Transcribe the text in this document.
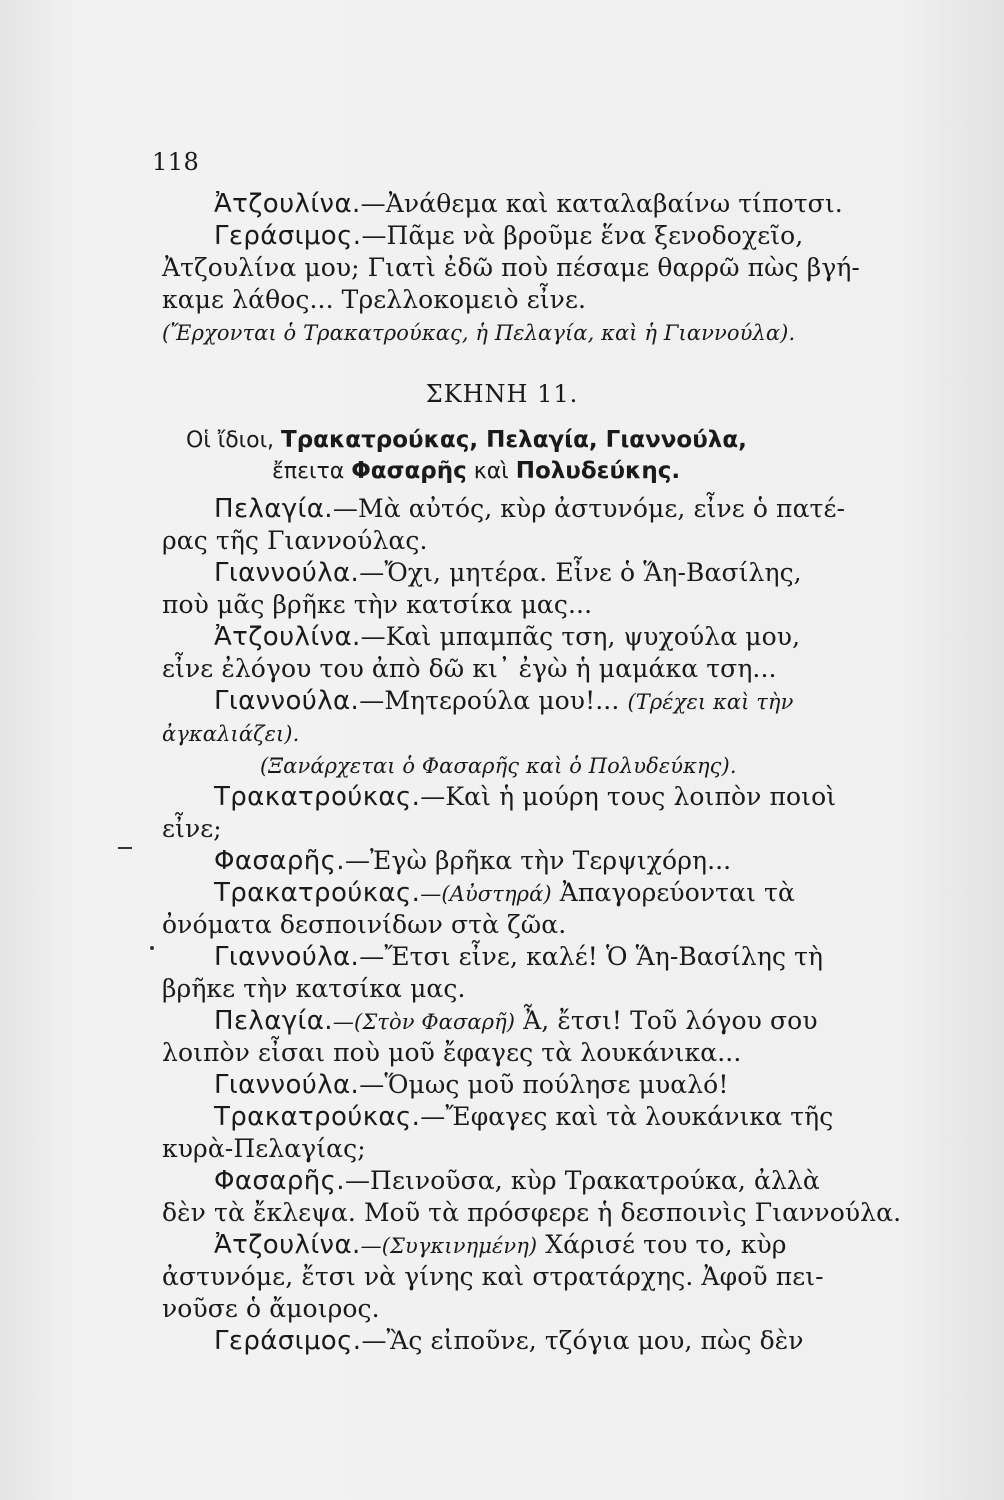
118
Ἀτζουλίνα.—Ἀνάθεμα καὶ καταλαβαίνω τίποτσι.
Γεράσιμος.—Πᾶμε νὰ βροῦμε ἕνα ξενοδοχεῖο,
Ἀτζουλίνα μου; Γιατὶ ἐδῶ ποὺ πέσαμε θαρρῶ πὼς βγή-
καμε λάθος... Τρελλοκομειὸ εἶνε.
(Ἔρχονται ὁ Τρακατρούκας, ἡ Πελαγία, καὶ ἡ Γιαννούλα).
ΣΚΗΝΗ 11.
Οἱ ἴδιοι, Τρακατρούκας, Πελαγία, Γιαννούλα,
ἔπειτα Φασαρῆς καὶ Πολυδεύκης.
Πελαγία.—Μὰ αὐτός, κὺρ ἀστυνόμε, εἶνε ὁ πατέ-
ρας τῆς Γιαννούλας.
Γιαννούλα.—Ὄχι, μητέρα. Εἶνε ὁ Ἅη-Βασίλης,
ποὺ μᾶς βρῆκε τὴν κατσίκα μας...
Ἀτζουλίνα.—Καὶ μπαμπᾶς τση, ψυχούλα μου,
εἶνε ἐλόγου του ἀπὸ δῶ κι᾽ ἐγὼ ἡ μαμάκα τση...
Γιαννούλα.—Μητερούλα μου!... (Τρέχει καὶ τὴν
ἀγκαλιάζει).
(Ξανάρχεται ὁ Φασαρῆς καὶ ὁ Πολυδεύκης).
Τρακατρούκας.—Καὶ ἡ μούρη τους λοιπὸν ποιοὶ
εἶνε;
Φασαρῆς.—Ἐγὼ βρῆκα τὴν Τερψιχόρη...
Τρακατρούκας.—(Αὐστηρά) Ἀπαγορεύονται τὰ
ὀνόματα δεσποινίδων στὰ ζῶα.
Γιαννούλα.—Ἔτσι εἶνε, καλέ! Ὁ Ἅη-Βασίλης τὴ
βρῆκε τὴν κατσίκα μας.
Πελαγία.—(Στὸν Φασαρῆ) Ἆ, ἔτσι! Τοῦ λόγου σου
λοιπὸν εἶσαι ποὺ μοῦ ἔφαγες τὰ λουκάνικα...
Γιαννούλα.—Ὅμως μοῦ πούλησε μυαλό!
Τρακατρούκας.—Ἔφαγες καὶ τὰ λουκάνικα τῆς
κυρὰ-Πελαγίας;
Φασαρῆς.—Πεινοῦσα, κὺρ Τρακατρούκα, ἀλλὰ
δὲν τὰ ἔκλεψα. Μοῦ τὰ πρόσφερε ἡ δεσποινὶς Γιαννούλα.
Ἀτζουλίνα.—(Συγκινημένη) Χάρισέ του το, κὺρ
ἀστυνόμε, ἔτσι νὰ γίνης καὶ στρατάρχης. Ἀφοῦ πει-
νοῦσε ὁ ἄμοιρος.
Γεράσιμος.—Ἂς εἰποῦνε, τζόγια μου, πὼς δὲν
